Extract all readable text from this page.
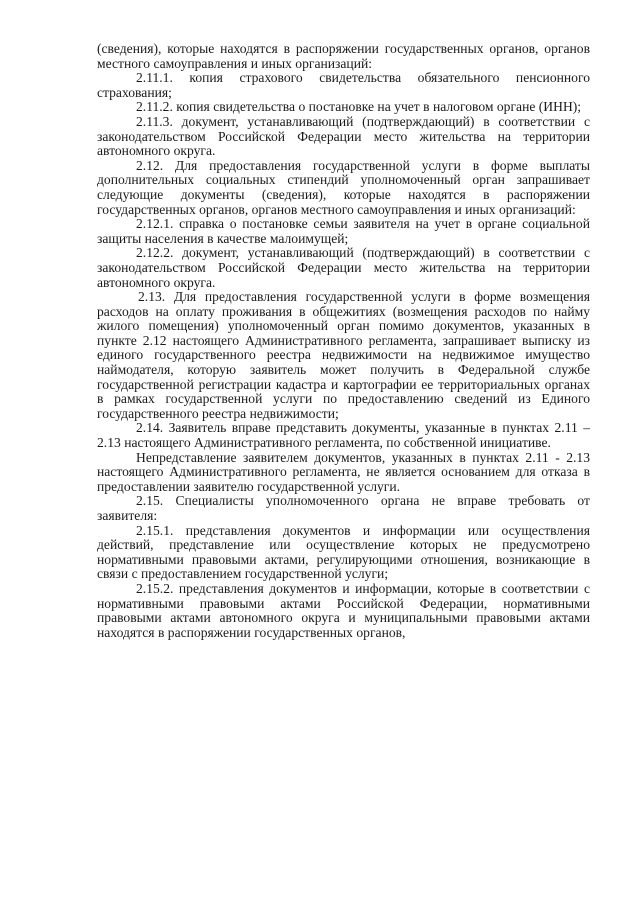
(сведения), которые находятся в распоряжении государственных органов, органов местного самоуправления и иных организаций:

2.11.1. копия страхового свидетельства обязательного пенсионного страхования;

2.11.2. копия свидетельства о постановке на учет в налоговом органе (ИНН);

2.11.3. документ, устанавливающий (подтверждающий) в соответствии с законодательством Российской Федерации место жительства на территории автономного округа.

2.12. Для предоставления государственной услуги в форме выплаты дополнительных социальных стипендий уполномоченный орган запрашивает следующие документы (сведения), которые находятся в распоряжении государственных органов, органов местного самоуправления и иных организаций:

2.12.1. справка о постановке семьи заявителя на учет в органе социальной защиты населения в качестве малоимущей;

2.12.2. документ, устанавливающий (подтверждающий) в соответствии с законодательством Российской Федерации место жительства на территории автономного округа.

2.13. Для предоставления государственной услуги в форме возмещения расходов на оплату проживания в общежитиях (возмещения расходов по найму жилого помещения) уполномоченный орган помимо документов, указанных в пункте 2.12 настоящего Административного регламента, запрашивает выписку из единого государственного реестра недвижимости на недвижимое имущество наймодателя, которую заявитель может получить в Федеральной службе государственной регистрации кадастра и картографии ее территориальных органах в рамках государственной услуги по предоставлению сведений из Единого государственного реестра недвижимости;

2.14. Заявитель вправе представить документы, указанные в пунктах 2.11 – 2.13 настоящего Административного регламента, по собственной инициативе.

Непредставление заявителем документов, указанных в пунктах 2.11 - 2.13 настоящего Административного регламента, не является основанием для отказа в предоставлении заявителю государственной услуги.

2.15. Специалисты уполномоченного органа не вправе требовать от заявителя:

2.15.1. представления документов и информации или осуществления действий, представление или осуществление которых не предусмотрено нормативными правовыми актами, регулирующими отношения, возникающие в связи с предоставлением государственной услуги;

2.15.2. представления документов и информации, которые в соответствии с нормативными правовыми актами Российской Федерации, нормативными правовыми актами автономного округа и муниципальными правовыми актами находятся в распоряжении государственных органов,
